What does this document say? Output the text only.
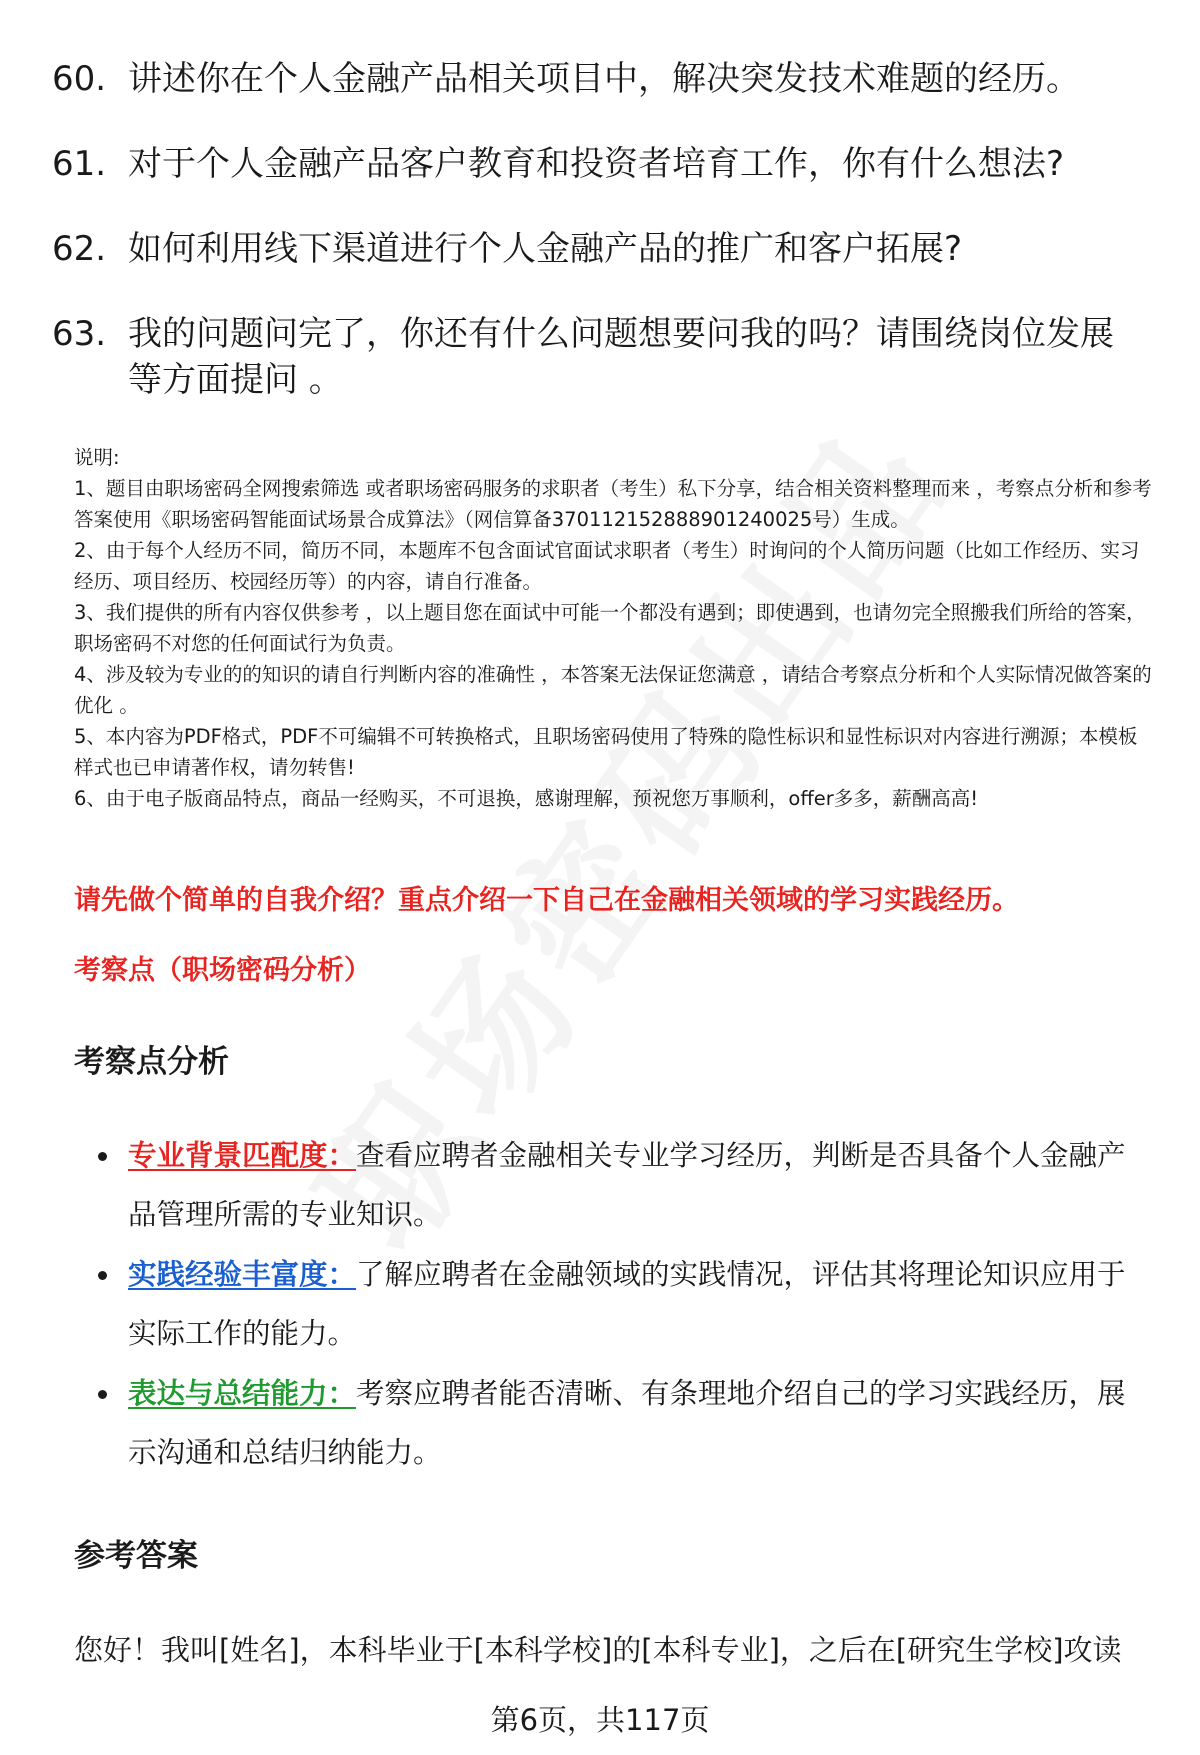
60. 讲述你在个人金融产品相关项目中，解决突发技术难题的经历。
61. 对于个人金融产品客户教育和投资者培育工作，你有什么想法?
62. 如何利用线下渠道进行个人金融产品的推广和客户拓展?
63. 我的问题问完了，你还有什么问题想要问我的吗？请围绕岗位发展等方面提问 。

说明:

1、题目由职场密码全网搜索筛选 或者职场密码服务的求职者（考生）私下分享，结合相关资料整理而来 ，考察点分析和参考答案使用《职场密码智能面试场景合成算法》（网信算备370112152888901240025号）生成。

2、由于每个人经历不同，简历不同，本题库不包含面试官面试求职者（考生）时询问的个人简历问题（比如工作经历、实习经历、项目经历、校园经历等）的内容，请自行准备。

3、我们提供的所有内容仅供参考 ，以上题目您在面试中可能一个都没有遇到；即使遇到，也请勿完全照搬我们所给的答案，职场密码不对您的任何面试行为负责。

4、涉及较为专业的的知识的请自行判断内容的准确性 ，本答案无法保证您满意 ，请结合考察点分析和个人实际情况做答案的优化 。

5、本内容为PDF格式，PDF不可编辑不可转换格式，且职场密码使用了特殊的隐性标识和显性标识对内容进行溯源；本模板样式也已申请著作权，请勿转售!

6、由于电子版商品特点，商品一经购买，不可退换，感谢理解，预祝您万事顺利，offer多多，薪酬高高!

请先做个简单的自我介绍？重点介绍一下自己在金融相关领域的学习实践经历。
考察点（职场密码分析）
考察点分析
专业背景匹配度：查看应聘者金融相关专业学习经历，判断是否具备个人金融产品管理所需的专业知识。
实践经验丰富度：了解应聘者在金融领域的实践情况，评估其将理论知识应用于实际工作的能力。
表达与总结能力：考察应聘者能否清晰、有条理地介绍自己的学习实践经历，展示沟通和总结归纳能力。
参考答案
您好！我叫[姓名]，本科毕业于[本科学校]的[本科专业]，之后在[研究生学校]攻读
第6页，共117页
